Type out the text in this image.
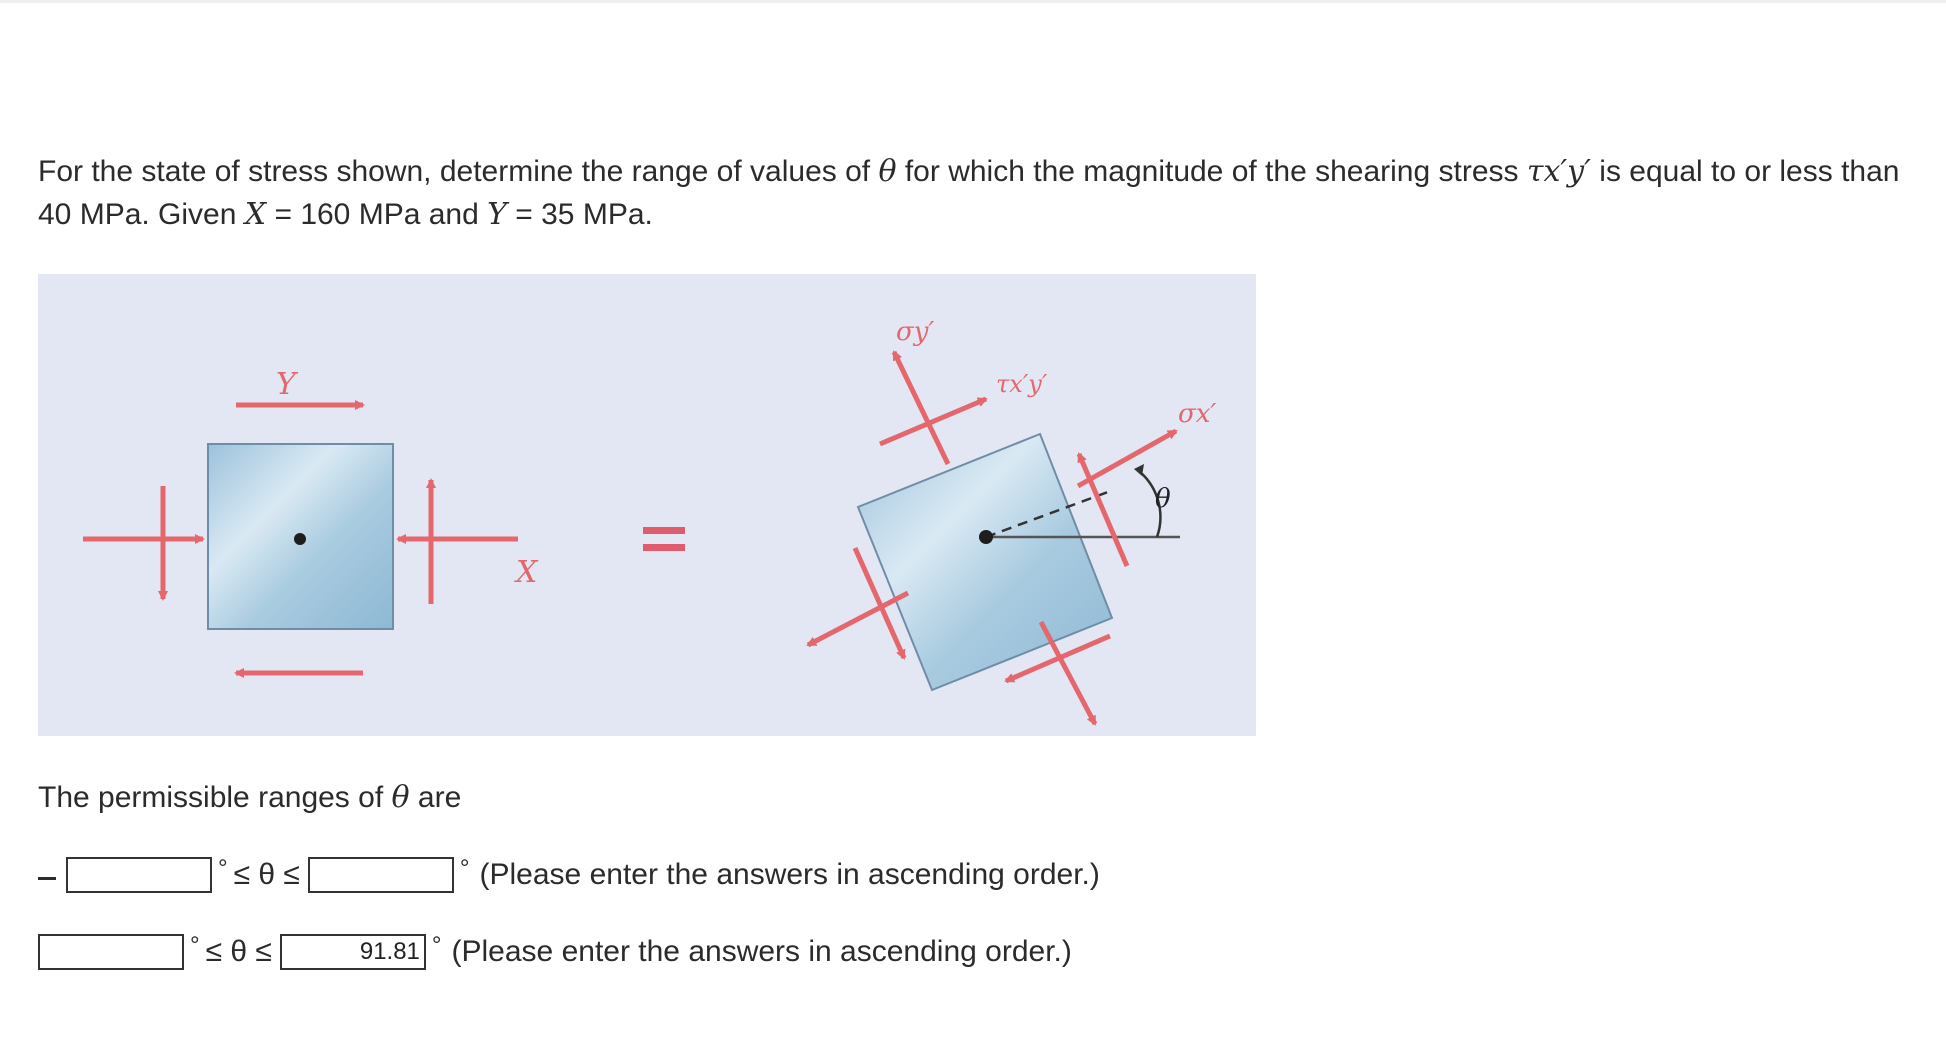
For the state of stress shown, determine the range of values of θ for which the magnitude of the shearing stress τx′y′ is equal to or less than 40 MPa. Given X = 160 MPa and Y = 35 MPa.
Y
X
θ
σy′
τx′y′
σx′
The permissible ranges of θ are
° ≤ θ ≤	° (Please enter the answers in ascending order.)
° ≤ θ ≤
91.81	° (Please enter the answers in ascending order.)
